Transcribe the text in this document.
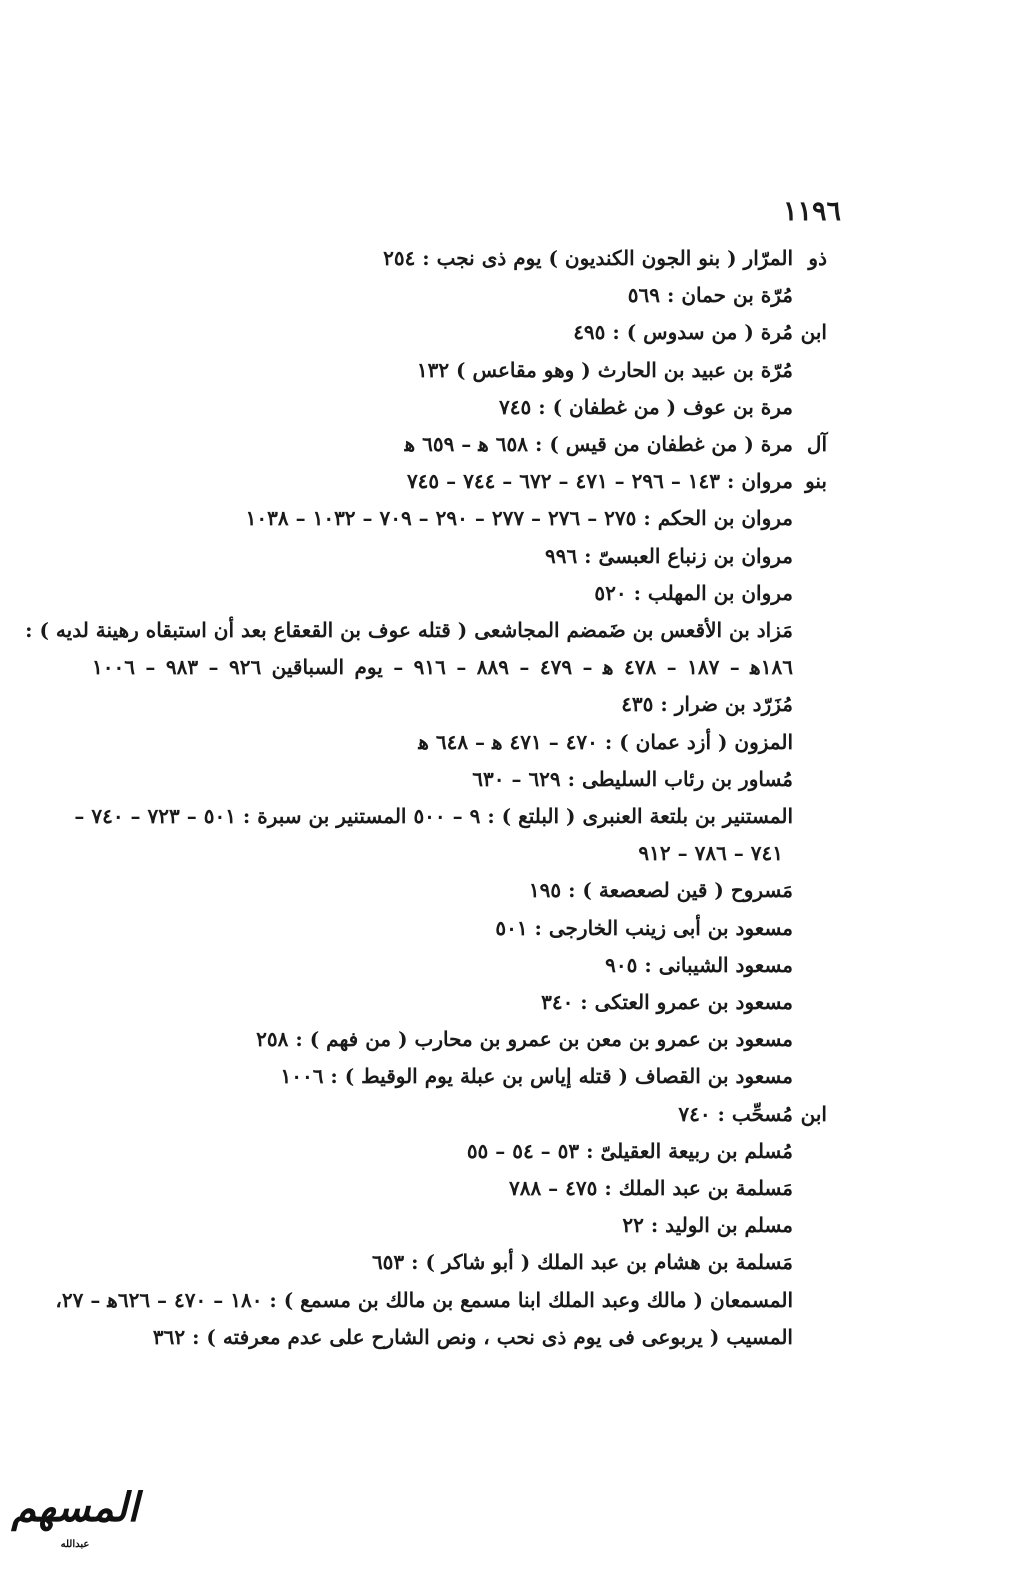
١١٩٦
ذو
المرّار ( بنو الجون الكنديون ) يوم ذى نجب : ٢٥٤
مُرّة بن حمان : ٥٦٩
ابن
مُرة ( من سدوس ) : ٤٩٥
مُرّة بن عبيد بن الحارث ( وهو مقاعس ) ١٣٢
مرة بن عوف ( من غطفان ) : ٧٤٥
آل
مرة ( من غطفان من قيس ) : ٦٥٨ ﻫ – ٦٥٩ ﻫ
بنو
مروان : ١٤٣ – ٢٩٦ – ٤٧١ – ٦٧٢ – ٧٤٤ – ٧٤٥
مروان بن الحكم : ٢٧٥ – ٢٧٦ – ٢٧٧ – ٢٩٠ – ٧٠٩ – ١٠٣٢ – ١٠٣٨
مروان بن زنباع العبسىّ : ٩٩٦
مروان بن المهلب : ٥٢٠
مَزاد بن الأقعس بن ضَمضم المجاشعى ( قتله عوف بن القعقاع بعد أن استبقاه رهينة لديه ) :
١٨٦ﻫ – ١٨٧ – ٤٧٨ ﻫ – ٤٧٩ – ٨٨٩ – ٩١٦ – يوم السباقين ٩٢٦ – ٩٨٣ – ١٠٠٦
مُزَرّد بن ضرار : ٤٣٥
المزون ( أزد عمان ) : ٤٧٠ – ٤٧١ ﻫ – ٦٤٨ ﻫ
مُساور بن رئاب السليطى : ٦٢٩ – ٦٣٠
المستنير بن بلتعة العنبرى ( البلتع ) : ٩ – ٥٠٠ المستنير بن سبرة : ٥٠١ – ٧٢٣ – ٧٤٠ –
٧٤١ – ٧٨٦ – ٩١٢
مَسروح ( قين لصعصعة ) : ١٩٥
مسعود بن أبى زينب الخارجى : ٥٠١
مسعود الشيبانى : ٩٠٥
مسعود بن عمرو العتكى : ٣٤٠
مسعود بن عمرو بن معن بن عمرو بن محارب ( من فهم ) : ٢٥٨
مسعود بن القصاف ( قتله إياس بن عبلة يوم الوقيط ) : ١٠٠٦
ابن
مُسحِّب : ٧٤٠
مُسلم بن ربيعة العقيلىّ : ٥٣ – ٥٤ – ٥٥
مَسلمة بن عبد الملك : ٤٧٥ – ٧٨٨
مسلم بن الوليد : ٢٢
مَسلمة بن هشام بن عبد الملك ( أبو شاكر ) : ٦٥٣
المسمعان ( مالك وعبد الملك ابنا مسمع بن مالك بن مسمع ) : ١٨٠ – ٤٧٠ – ٦٢٦ﻫ – ٢٧،
المسيب ( يربوعى فى يوم ذى نحب ، ونص الشارح على عدم معرفته ) : ٣٦٢
المسهم
عبدالله
